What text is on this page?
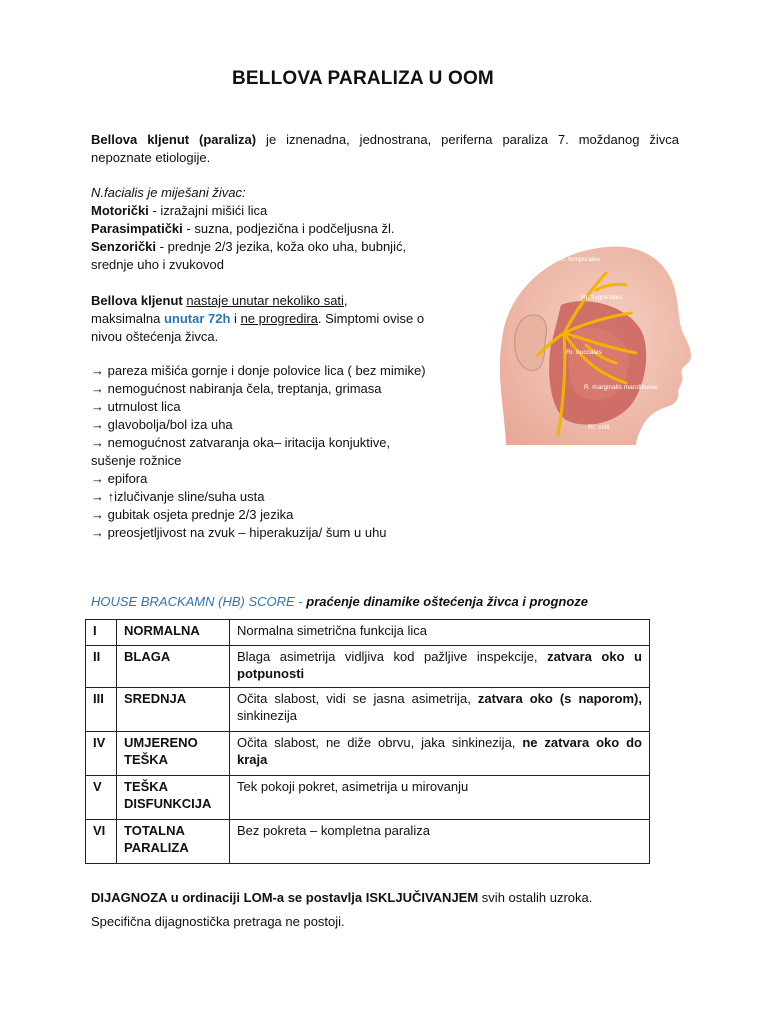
BELLOVA PARALIZA U OOM
Bellova kljenut (paraliza) je iznenadna, jednostrana, periferna paraliza 7. moždanog živca nepoznate etiologije.
N.facialis je miješani živac:
Motorički - izražajni mišići lica
Parasimpatički - suzna, podjezična i podčeljusna žl.
Senzorički - prednje 2/3 jezika, koža oko uha, bubnjić, srednje uho i zvukovod
Bellova kljenut nastaje unutar nekoliko sati,
maksimalna unutar 72h i ne progredira. Simptomi ovise o nivou oštećenja živca.
→ pareza mišića gornje i donje polovice lica ( bez mimike)
→ nemogućnost nabiranja čela, treptanja, grimasa
→ utrnulost lica
→ glavobolja/bol iza uha
→ nemogućnost zatvaranja oka– iritacija konjuktive, sušenje rožnice
→ epifora
→ ↑izlučivanje sline/suha usta
→ gubitak osjeta prednje 2/3 jezika
→ preosjetljivost na zvuk – hiperakuzija/ šum u uhu
Rr. temporales
Rr. zygomatici
Rr. buccales
R. marginalis mandibulae
Rr. colli
HOUSE BRACKAMN (HB) SCORE - praćenje dinamike oštećenja živca i prognoze
I	NORMALNA	Normalna simetrična funkcija lica
II	BLAGA	Blaga asimetrija vidljiva kod pažljive inspekcije, zatvara oko u potpunosti
III	SREDNJA	Očita slabost, vidi se jasna asimetrija, zatvara oko (s naporom), sinkinezija
IV	UMJERENO TEŠKA	Očita slabost, ne diže obrvu, jaka sinkinezija, ne zatvara oko do kraja
V	TEŠKA DISFUNKCIJA	Tek pokoji pokret, asimetrija u mirovanju
VI	TOTALNA PARALIZA	Bez pokreta – kompletna paraliza
DIJAGNOZA u ordinaciji LOM-a se postavlja ISKLJUČIVANJEM svih ostalih uzroka.
Specifična dijagnostička pretraga ne postoji.
